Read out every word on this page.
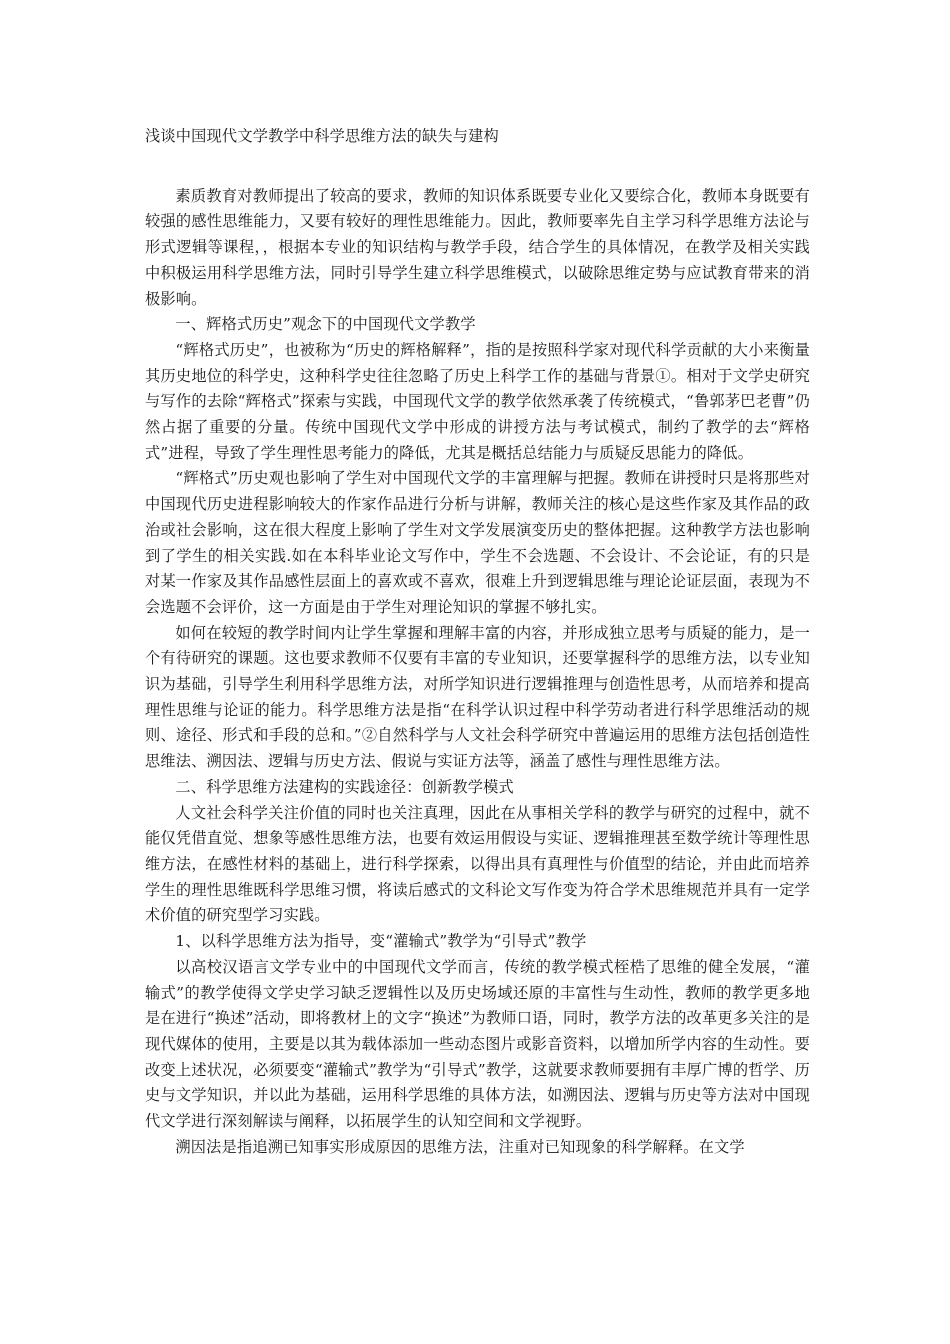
浅谈中国现代文学教学中科学思维方法的缺失与建构

素质教育对教师提出了较高的要求，教师的知识体系既要专业化又要综合化，教师本身既要有较强的感性思维能力，又要有较好的理性思维能力。因此，教师要率先自主学习科学思维方法论与形式逻辑等课程，，根据本专业的知识结构与教学手段，结合学生的具体情况，在教学及相关实践中积极运用科学思维方法，同时引导学生建立科学思维模式，以破除思维定势与应试教育带来的消极影响。

一、辉格式历史”观念下的中国现代文学教学

“辉格式历史”，也被称为“历史的辉格解释”，指的是按照科学家对现代科学贡献的大小来衡量其历史地位的科学史，这种科学史往往忽略了历史上科学工作的基础与背景①。相对于文学史研究与写作的去除“辉格式”探索与实践，中国现代文学的教学依然承袭了传统模式，“鲁郭茅巴老曹”仍然占据了重要的分量。传统中国现代文学中形成的讲授方法与考试模式，制约了教学的去“辉格式”进程，导致了学生理性思考能力的降低，尤其是概括总结能力与质疑反思能力的降低。

“辉格式”历史观也影响了学生对中国现代文学的丰富理解与把握。教师在讲授时只是将那些对中国现代历史进程影响较大的作家作品进行分析与讲解，教师关注的核心是这些作家及其作品的政治或社会影响，这在很大程度上影响了学生对文学发展演变历史的整体把握。这种教学方法也影响到了学生的相关实践.如在本科毕业论文写作中，学生不会选题、不会设计、不会论证，有的只是对某一作家及其作品感性层面上的喜欢或不喜欢，很难上升到逻辑思维与理论论证层面，表现为不会选题不会评价，这一方面是由于学生对理论知识的掌握不够扎实。

如何在较短的教学时间内让学生掌握和理解丰富的内容，并形成独立思考与质疑的能力，是一个有待研究的课题。这也要求教师不仅要有丰富的专业知识，还要掌握科学的思维方法，以专业知识为基础，引导学生利用科学思维方法，对所学知识进行逻辑推理与创造性思考，从而培养和提高理性思维与论证的能力。科学思维方法是指“在科学认识过程中科学劳动者进行科学思维活动的规则、途径、形式和手段的总和。”②自然科学与人文社会科学研究中普遍运用的思维方法包括创造性思维法、溯因法、逻辑与历史方法、假说与实证方法等，涵盖了感性与理性思维方法。

二、科学思维方法建构的实践途径：创新教学模式

人文社会科学关注价值的同时也关注真理，因此在从事相关学科的教学与研究的过程中，就不能仅凭借直觉、想象等感性思维方法，也要有效运用假设与实证、逻辑推理甚至数学统计等理性思维方法，在感性材料的基础上，进行科学探索，以得出具有真理性与价值型的结论，并由此而培养学生的理性思维既科学思维习惯，将读后感式的文科论文写作变为符合学术思维规范并具有一定学术价值的研究型学习实践。

1、以科学思维方法为指导，变“灌输式”教学为“引导式”教学

以高校汉语言文学专业中的中国现代文学而言，传统的教学模式桎梏了思维的健全发展，“灌输式”的教学使得文学史学习缺乏逻辑性以及历史场域还原的丰富性与生动性，教师的教学更多地是在进行“换述”活动，即将教材上的文字“换述”为教师口语，同时，教学方法的改革更多关注的是现代媒体的使用，主要是以其为载体添加一些动态图片或影音资料，以增加所学内容的生动性。要改变上述状况，必须要变“灌输式”教学为“引导式”教学，这就要求教师要拥有丰厚广博的哲学、历史与文学知识，并以此为基础，运用科学思维的具体方法，如溯因法、逻辑与历史等方法对中国现代文学进行深刻解读与阐释，以拓展学生的认知空间和文学视野。

溯因法是指追溯已知事实形成原因的思维方法，注重对已知现象的科学解释。在文学
